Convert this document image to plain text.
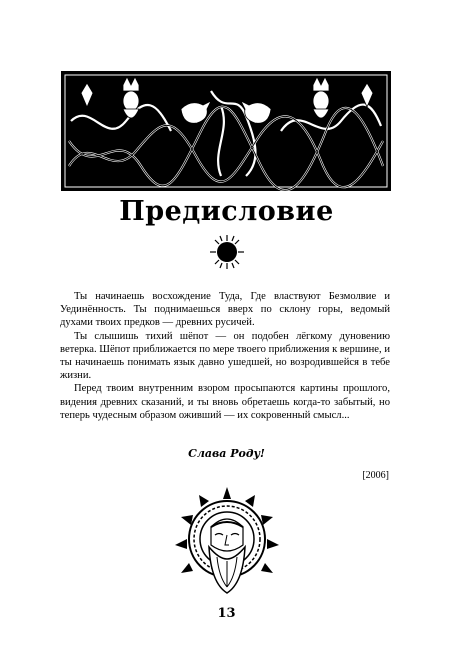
Предисловие

Ты начинаешь восхождение Туда, Где властвуют Безмолвие и Уединённость. Ты поднимаешься вверх по склону горы, ведомый духами твоих предков — древних русичей.

Ты слышишь тихий шёпот — он подобен лёгкому дуновению ветерка. Шёпот приближается по мере твоего приближения к вершине, и ты начинаешь понимать язык давно ушедшей, но возродившейся в тебе жизни.

Перед твоим внутренним взором просыпаются картины прошлого, видения древних сказаний, и ты вновь обретаешь когда-то забытый, но теперь чудесным образом оживший — их сокровенный смысл...

Слава Роду!
[2006]
13
